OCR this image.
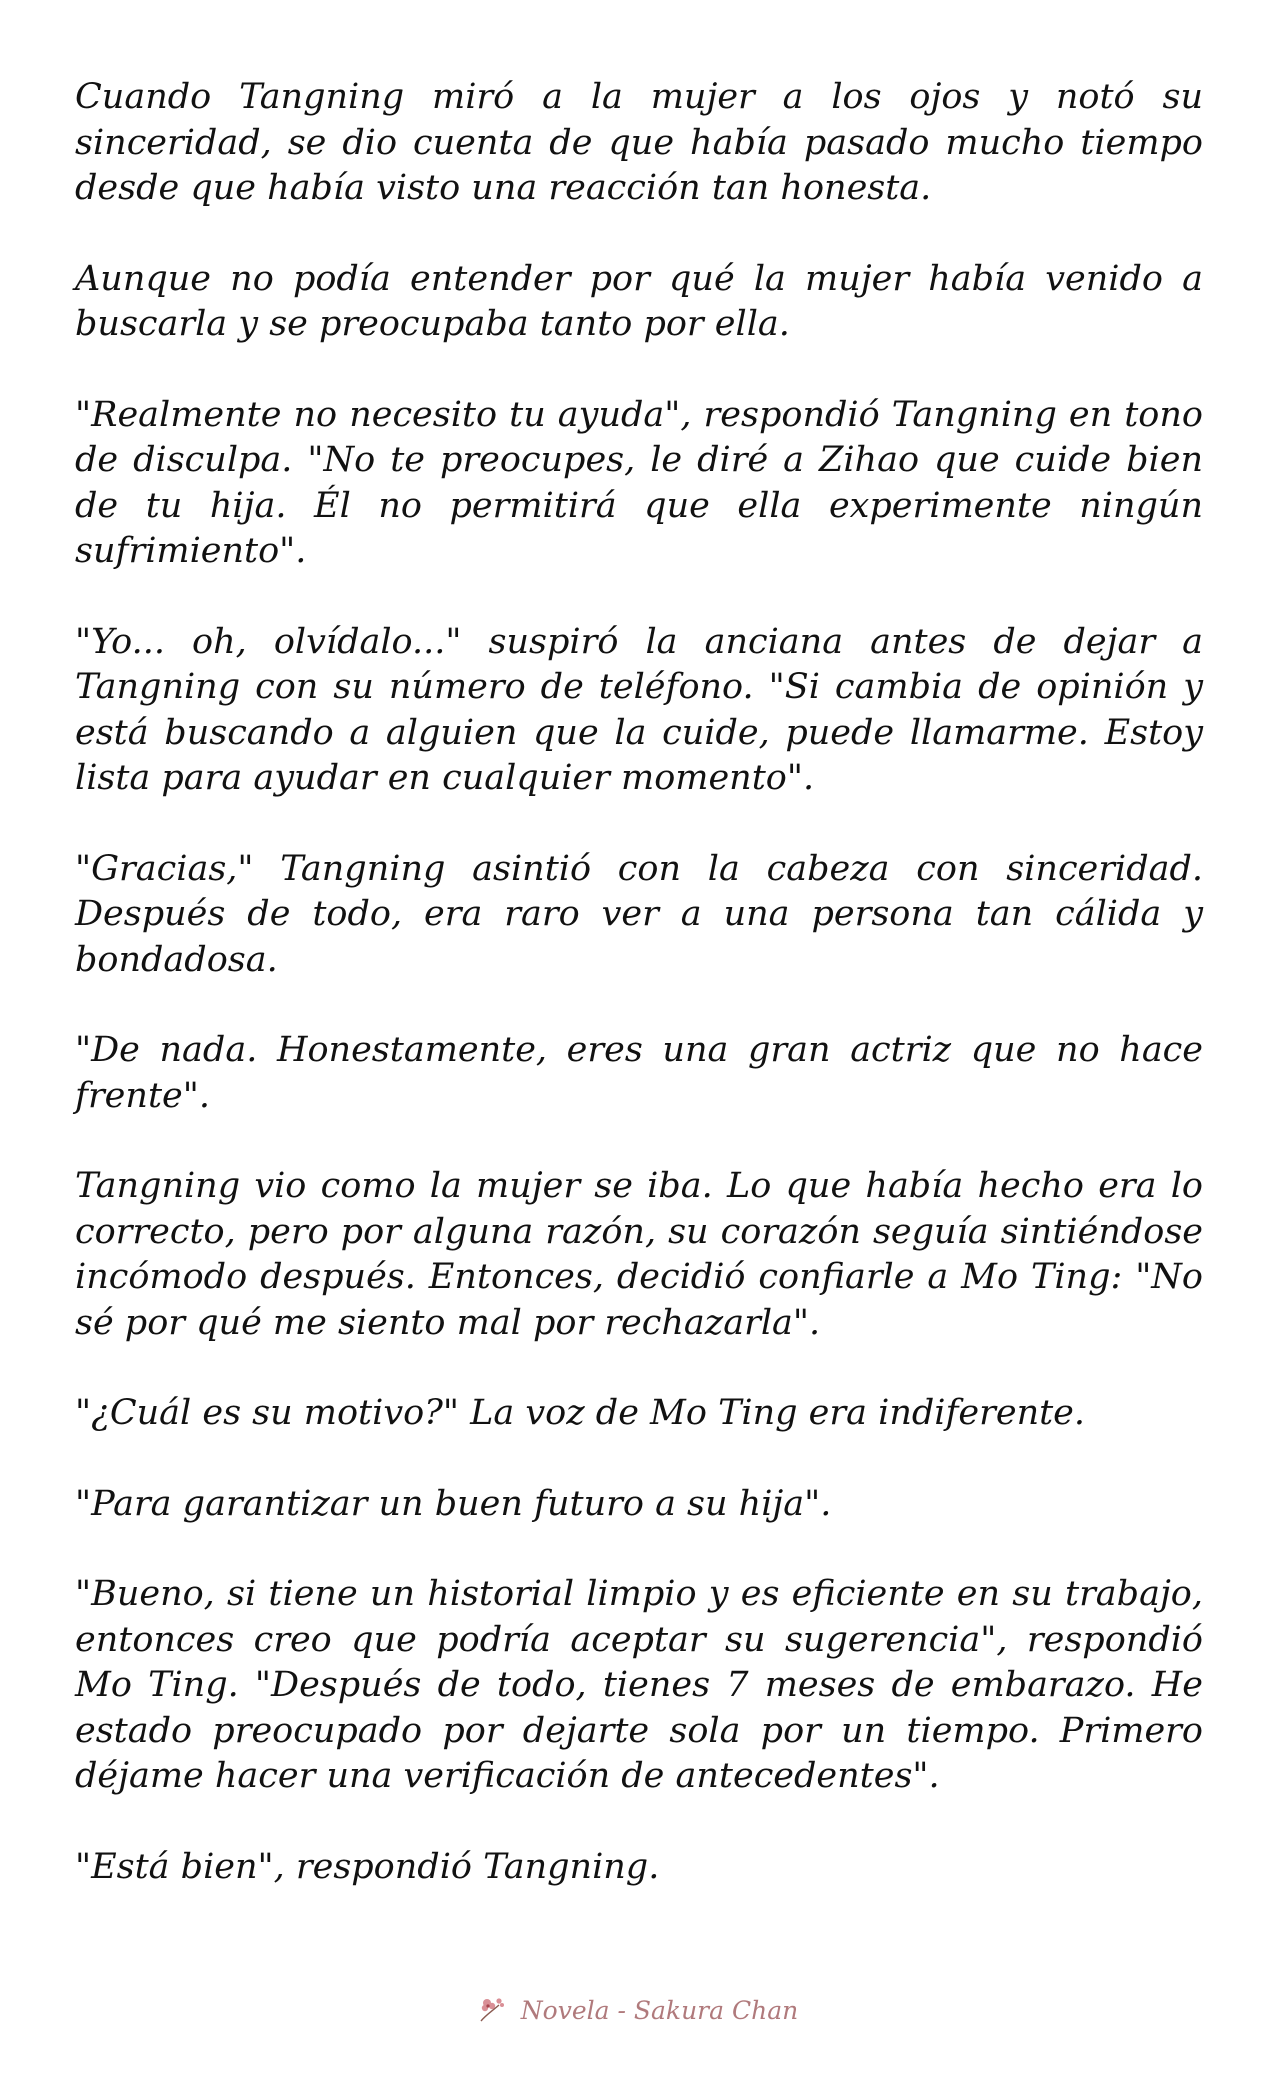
Cuando Tangning miró a la mujer a los ojos y notó su sinceridad, se dio cuenta de que había pasado mucho tiempo desde que había visto una reacción tan honesta.

Aunque no podía entender por qué la mujer había venido a buscarla y se preocupaba tanto por ella.

"Realmente no necesito tu ayuda", respondió Tangning en tono de disculpa. "No te preocupes, le diré a Zihao que cuide bien de tu hija. Él no permitirá que ella experimente ningún sufrimiento".

"Yo... oh, olvídalo..." suspiró la anciana antes de dejar a Tangning con su número de teléfono. "Si cambia de opinión y está buscando a alguien que la cuide, puede llamarme. Estoy lista para ayudar en cualquier momento".

"Gracias," Tangning asintió con la cabeza con sinceridad. Después de todo, era raro ver a una persona tan cálida y bondadosa.

"De nada. Honestamente, eres una gran actriz que no hace frente".

Tangning vio como la mujer se iba. Lo que había hecho era lo correcto, pero por alguna razón, su corazón seguía sintiéndose incómodo después. Entonces, decidió confiarle a Mo Ting: "No sé por qué me siento mal por rechazarla".

"¿Cuál es su motivo?" La voz de Mo Ting era indiferente.

"Para garantizar un buen futuro a su hija".

"Bueno, si tiene un historial limpio y es eficiente en su trabajo, entonces creo que podría aceptar su sugerencia", respondió Mo Ting. "Después de todo, tienes 7 meses de embarazo. He estado preocupado por dejarte sola por un tiempo. Primero déjame hacer una verificación de antecedentes".

"Está bien", respondió Tangning.

Novela - Sakura Chan
